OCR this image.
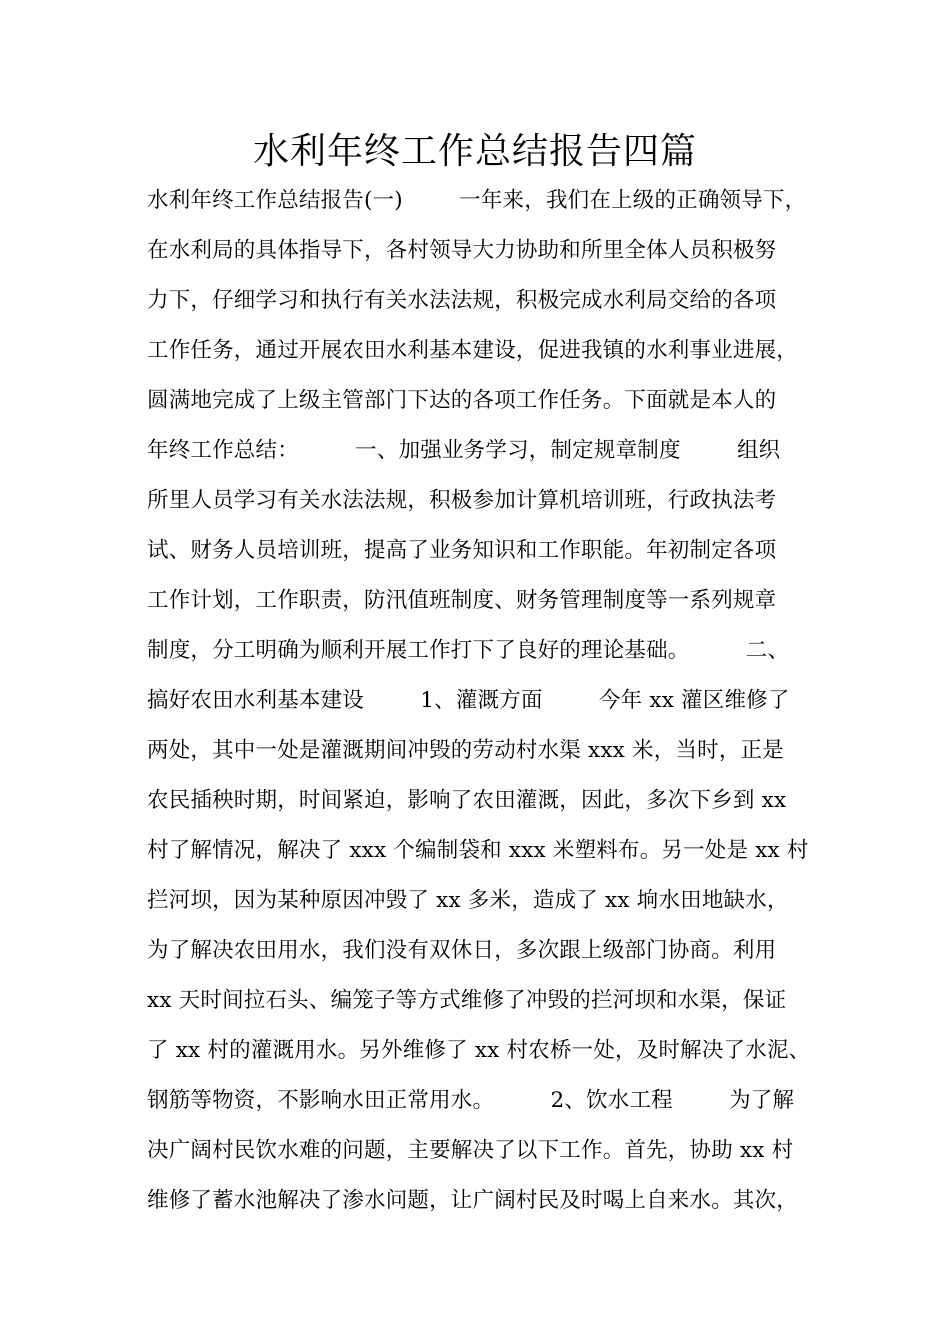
水利年终工作总结报告四篇
水利年终工作总结报告(一)        一年来，我们在上级的正确领导下，
在水利局的具体指导下，各村领导大力协助和所里全体人员积极努
力下，仔细学习和执行有关水法法规，积极完成水利局交给的各项
工作任务，通过开展农田水利基本建设，促进我镇的水利事业进展，
圆满地完成了上级主管部门下达的各项工作任务。下面就是本人的
年终工作总结：        一、加强业务学习，制定规章制度        组织
所里人员学习有关水法法规，积极参加计算机培训班，行政执法考
试、财务人员培训班，提高了业务知识和工作职能。年初制定各项
工作计划，工作职责，防汛值班制度、财务管理制度等一系列规章
制度，分工明确为顺利开展工作打下了良好的理论基础。        二、
搞好农田水利基本建设        1、灌溉方面        今年 xx 灌区维修了
两处，其中一处是灌溉期间冲毁的劳动村水渠 xxx 米，当时，正是
农民插秧时期，时间紧迫，影响了农田灌溉，因此，多次下乡到 xx
村了解情况，解决了 xxx 个编制袋和 xxx 米塑料布。另一处是 xx 村
拦河坝，因为某种原因冲毁了 xx 多米，造成了 xx 垧水田地缺水，
为了解决农田用水，我们没有双休日，多次跟上级部门协商。利用
xx 天时间拉石头、编笼子等方式维修了冲毁的拦河坝和水渠，保证
了 xx 村的灌溉用水。另外维修了 xx 村农桥一处，及时解决了水泥、
钢筋等物资，不影响水田正常用水。        2、饮水工程        为了解
决广阔村民饮水难的问题，主要解决了以下工作。首先，协助 xx 村
维修了蓄水池解决了渗水问题，让广阔村民及时喝上自来水。其次，
